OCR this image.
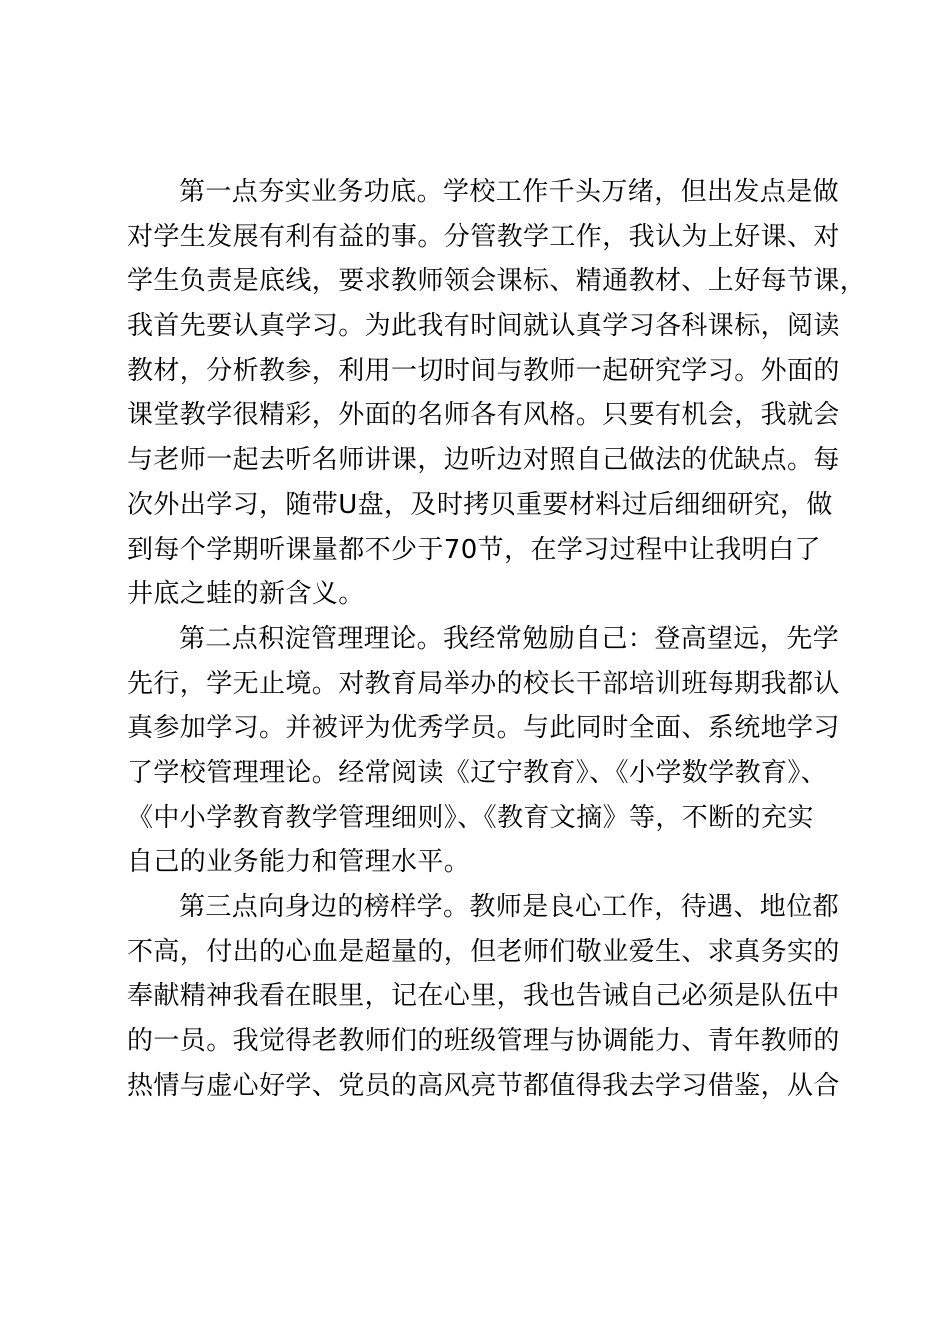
第一点夯实业务功底。学校工作千头万绪，但出发点是做
对学生发展有利有益的事。分管教学工作，我认为上好课、对
学生负责是底线，要求教师领会课标、精通教材、上好每节课，
我首先要认真学习。为此我有时间就认真学习各科课标，阅读
教材，分析教参，利用一切时间与教师一起研究学习。外面的
课堂教学很精彩，外面的名师各有风格。只要有机会，我就会
与老师一起去听名师讲课，边听边对照自己做法的优缺点。每
次外出学习，随带U盘，及时拷贝重要材料过后细细研究，做
到每个学期听课量都不少于70节，在学习过程中让我明白了
井底之蛙的新含义。
第二点积淀管理理论。我经常勉励自己：登高望远，先学
先行，学无止境。对教育局举办的校长干部培训班每期我都认
真参加学习。并被评为优秀学员。与此同时全面、系统地学习
了学校管理理论。经常阅读《辽宁教育》、《小学数学教育》、
《中小学教育教学管理细则》、《教育文摘》等，不断的充实
自己的业务能力和管理水平。
第三点向身边的榜样学。教师是良心工作，待遇、地位都
不高，付出的心血是超量的，但老师们敬业爱生、求真务实的
奉献精神我看在眼里，记在心里，我也告诫自己必须是队伍中
的一员。我觉得老教师们的班级管理与协调能力、青年教师的
热情与虚心好学、党员的高风亮节都值得我去学习借鉴，从合
